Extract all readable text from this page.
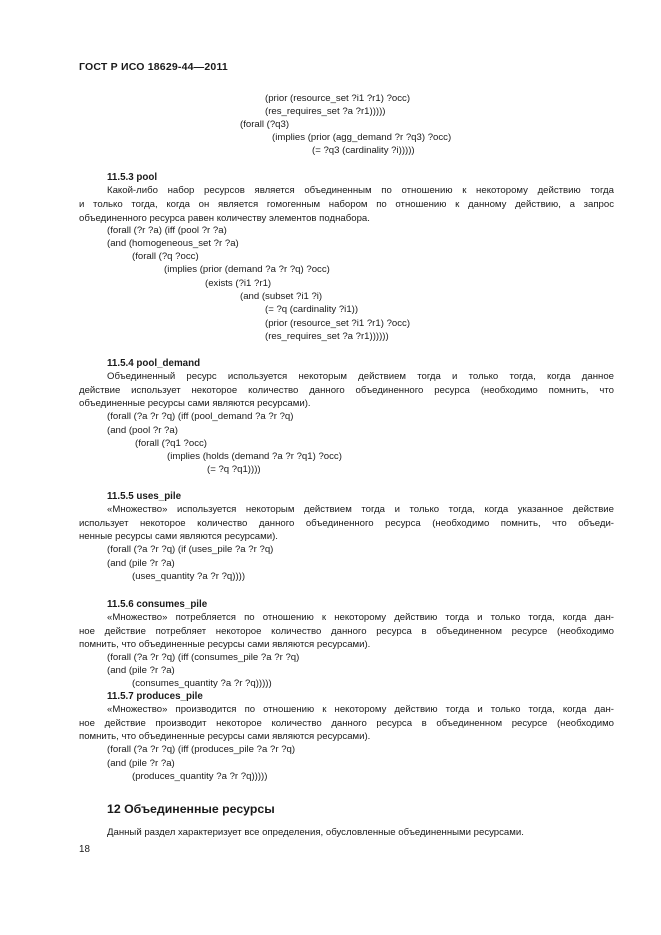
ГОСТ Р ИСО 18629-44—2011
(prior (resource_set ?i1 ?r1) ?occ)
(res_requires_set ?a ?r1)))))
(forall (?q3)
(implies (prior (agg_demand ?r ?q3) ?occ)
(= ?q3 (cardinality ?i)))))
11.5.3 pool
Какой-либо набор ресурсов является объединенным по отношению к некоторому действию тогда
и только тогда, когда он является гомогенным набором по отношению к данному действию, а запрос
объединенного ресурса равен количеству элементов поднабора.
(forall (?r ?a) (iff (pool ?r ?a)
(and (homogeneous_set ?r ?a)
(forall (?q ?occ)
(implies (prior (demand ?a ?r ?q) ?occ)
(exists (?i1 ?r1)
(and (subset ?i1 ?i)
(= ?q (cardinality ?i1))
(prior (resource_set ?i1 ?r1) ?occ)
(res_requires_set ?a ?r1))))))
11.5.4 pool_demand
Объединенный ресурс используется некоторым действием тогда и только тогда, когда данное
действие использует некоторое количество данного объединенного ресурса (необходимо помнить, что
объединенные ресурсы сами являются ресурсами).
(forall (?a ?r ?q) (iff (pool_demand ?a ?r ?q)
(and (pool ?r ?a)
(forall (?q1 ?occ)
(implies (holds (demand ?a ?r ?q1) ?occ)
(= ?q ?q1))))
11.5.5 uses_pile
«Множество» используется некоторым действием тогда и только тогда, когда указанное действие
использует некоторое количество данного объединенного ресурса (необходимо помнить, что объеди-
ненные ресурсы сами являются ресурсами).
(forall (?a ?r ?q) (if (uses_pile ?a ?r ?q)
(and (pile ?r ?a)
(uses_quantity ?a ?r ?q))))
11.5.6 consumes_pile
«Множество» потребляется по отношению к некоторому действию тогда и только тогда, когда дан-
ное действие потребляет некоторое количество данного ресурса в объединенном ресурсе (необходимо
помнить, что объединенные ресурсы сами являются ресурсами).
(forall (?a ?r ?q) (iff (consumes_pile ?a ?r ?q)
(and (pile ?r ?a)
(consumes_quantity ?a ?r ?q)))))
11.5.7 produces_pile
«Множество» производится по отношению к некоторому действию тогда и только тогда, когда дан-
ное действие производит некоторое количество данного ресурса в объединенном ресурсе (необходимо
помнить, что объединенные ресурсы сами являются ресурсами).
(forall (?a ?r ?q) (iff (produces_pile ?a ?r ?q)
(and (pile ?r ?a)
(produces_quantity ?a ?r ?q)))))
12 Объединенные ресурсы
Данный раздел характеризует все определения, обусловленные объединенными ресурсами.
18
